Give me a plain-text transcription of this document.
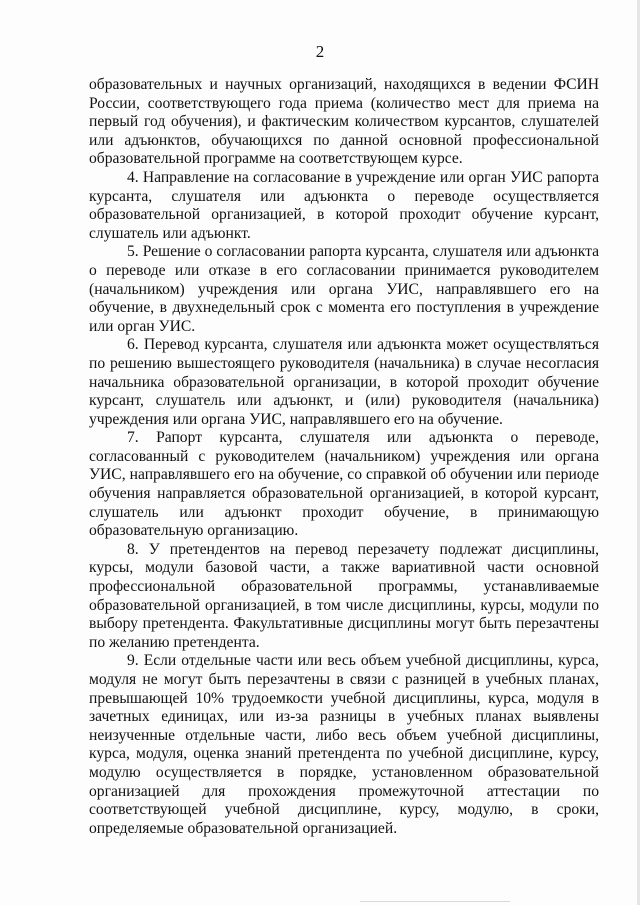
2

образовательных и научных организаций, находящихся в ведении ФСИН России, соответствующего года приема (количество мест для приема на первый год обучения), и фактическим количеством курсантов, слушателей или адъюнктов, обучающихся по данной основной профессиональной образовательной программе на соответствующем курсе.

4. Направление на согласование в учреждение или орган УИС рапорта курсанта, слушателя или адъюнкта о переводе осуществляется образовательной организацией, в которой проходит обучение курсант, слушатель или адъюнкт.

5. Решение о согласовании рапорта курсанта, слушателя или адъюнкта о переводе или отказе в его согласовании принимается руководителем (начальником) учреждения или органа УИС, направлявшего его на обучение, в двухнедельный срок с момента его поступления в учреждение или орган УИС.

6. Перевод курсанта, слушателя или адъюнкта может осуществляться по решению вышестоящего руководителя (начальника) в случае несогласия начальника образовательной организации, в которой проходит обучение курсант, слушатель или адъюнкт, и (или) руководителя (начальника) учреждения или органа УИС, направлявшего его на обучение.

7. Рапорт курсанта, слушателя или адъюнкта о переводе, согласованный с руководителем (начальником) учреждения или органа УИС, направлявшего его на обучение, со справкой об обучении или периоде обучения направляется образовательной организацией, в которой курсант, слушатель или адъюнкт проходит обучение, в принимающую образовательную организацию.

8. У претендентов на перевод перезачету подлежат дисциплины, курсы, модули базовой части, а также вариативной части основной профессиональной образовательной программы, устанавливаемые образовательной организацией, в том числе дисциплины, курсы, модули по выбору претендента. Факультативные дисциплины могут быть перезачтены по желанию претендента.

9. Если отдельные части или весь объем учебной дисциплины, курса, модуля не могут быть перезачтены в связи с разницей в учебных планах, превышающей 10% трудоемкости учебной дисциплины, курса, модуля в зачетных единицах, или из-за разницы в учебных планах выявлены неизученные отдельные части, либо весь объем учебной дисциплины, курса, модуля, оценка знаний претендента по учебной дисциплине, курсу, модулю осуществляется в порядке, установленном образовательной организацией для прохождения промежуточной аттестации по соответствующей учебной дисциплине, курсу, модулю, в сроки, определяемые образовательной организацией.
